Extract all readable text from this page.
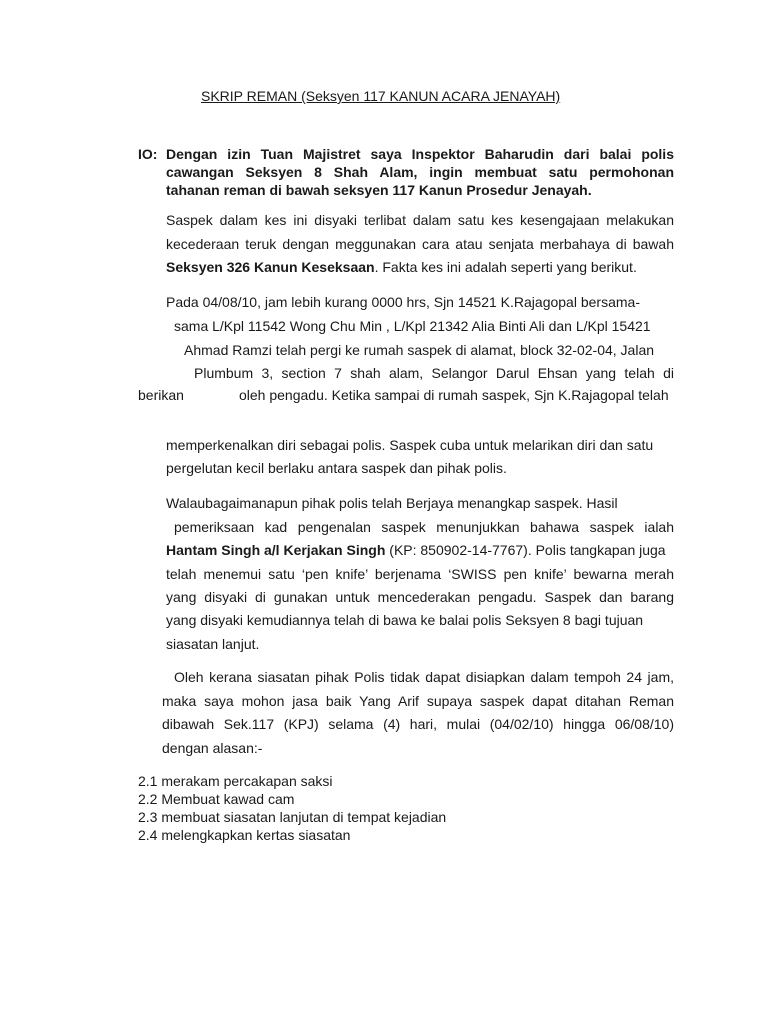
SKRIP REMAN (Seksyen 117 KANUN ACARA JENAYAH)
IO: Dengan izin Tuan Majistret saya Inspektor Baharudin dari balai polis
cawangan Seksyen 8 Shah Alam, ingin membuat satu permohonan
tahanan reman di bawah seksyen 117 Kanun Prosedur Jenayah.
Saspek dalam kes ini disyaki terlibat dalam satu kes kesengajaan melakukan
kecederaan teruk dengan meggunakan cara atau senjata merbahaya di bawah
Seksyen 326 Kanun Keseksaan. Fakta kes ini adalah seperti yang berikut.
Pada 04/08/10, jam lebih kurang 0000 hrs, Sjn 14521 K.Rajagopal bersama-
sama L/Kpl 11542 Wong Chu Min , L/Kpl 21342 Alia Binti Ali dan L/Kpl 15421
Ahmad Ramzi telah pergi ke rumah saspek di alamat, block 32-02-04, Jalan
Plumbum 3, section 7 shah alam, Selangor Darul Ehsan yang telah di
berikan	oleh pengadu. Ketika sampai di rumah saspek, Sjn K.Rajagopal telah
memperkenalkan diri sebagai polis. Saspek cuba untuk melarikan diri dan satu
pergelutan kecil berlaku antara saspek dan pihak polis.
Walaubagaimanapun pihak polis telah Berjaya menangkap saspek. Hasil
pemeriksaan kad pengenalan saspek menunjukkan bahawa saspek ialah
Hantam Singh a/l Kerjakan Singh (KP: 850902-14-7767). Polis tangkapan juga
telah menemui satu ‘pen knife’ berjenama ‘SWISS pen knife’ bewarna merah
yang disyaki di gunakan untuk mencederakan pengadu. Saspek dan barang
yang disyaki kemudiannya telah di bawa ke balai polis Seksyen 8 bagi tujuan
siasatan lanjut.
Oleh kerana siasatan pihak Polis tidak dapat disiapkan dalam tempoh 24 jam,
maka saya mohon jasa baik Yang Arif supaya saspek dapat ditahan Reman
dibawah Sek.117 (KPJ) selama (4) hari, mulai (04/02/10) hingga 06/08/10)
dengan alasan:-
2.1 merakam percakapan saksi
2.2 Membuat kawad cam
2.3 membuat siasatan lanjutan di tempat kejadian
2.4 melengkapkan kertas siasatan
